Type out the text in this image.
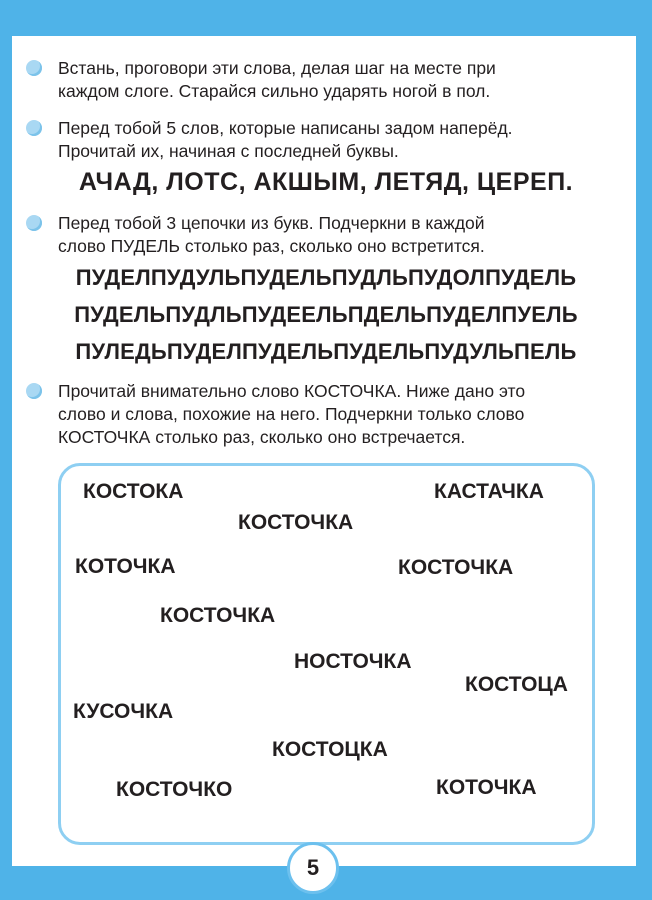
Встань, проговори эти слова, делая шаг на месте при

каждом слоге. Старайся сильно ударять ногой в пол.

Перед тобой 5 слов, которые написаны задом наперёд.

Прочитай их, начиная с последней буквы.

АЧАД, ЛОТС, АКШЫМ, ЛЕТЯД, ЦЕРЕП.

Перед тобой 3 цепочки из букв. Подчеркни в каждой

слово ПУДЕЛЬ столько раз, сколько оно встретится.

ПУДЕЛПУДУЛЬПУДЕЛЬПУДЛЬПУДОЛПУДЕЛЬ
ПУДЕЛЬПУДЛЬПУДЕЕЛЬПДЕЛЬПУДЕЛПУЕЛЬ
ПУЛЕДЬПУДЕЛПУДЕЛЬПУДЕЛЬПУДУЛЬПЕЛЬ

Прочитай внимательно слово КОСТОЧКА. Ниже дано это

слово и слова, похожие на него. Подчеркни только слово

КОСТОЧКА столько раз, сколько оно встречается.

КОСТОКА	КАСТАЧКА
КОСТОЧКА
КОТОЧКА	КОСТОЧКА
КОСТОЧКА
НОСТОЧКА
КОСТОЦА
КУСОЧКА
КОСТОЦКА
КОСТОЧКО	КОТОЧКА
5
